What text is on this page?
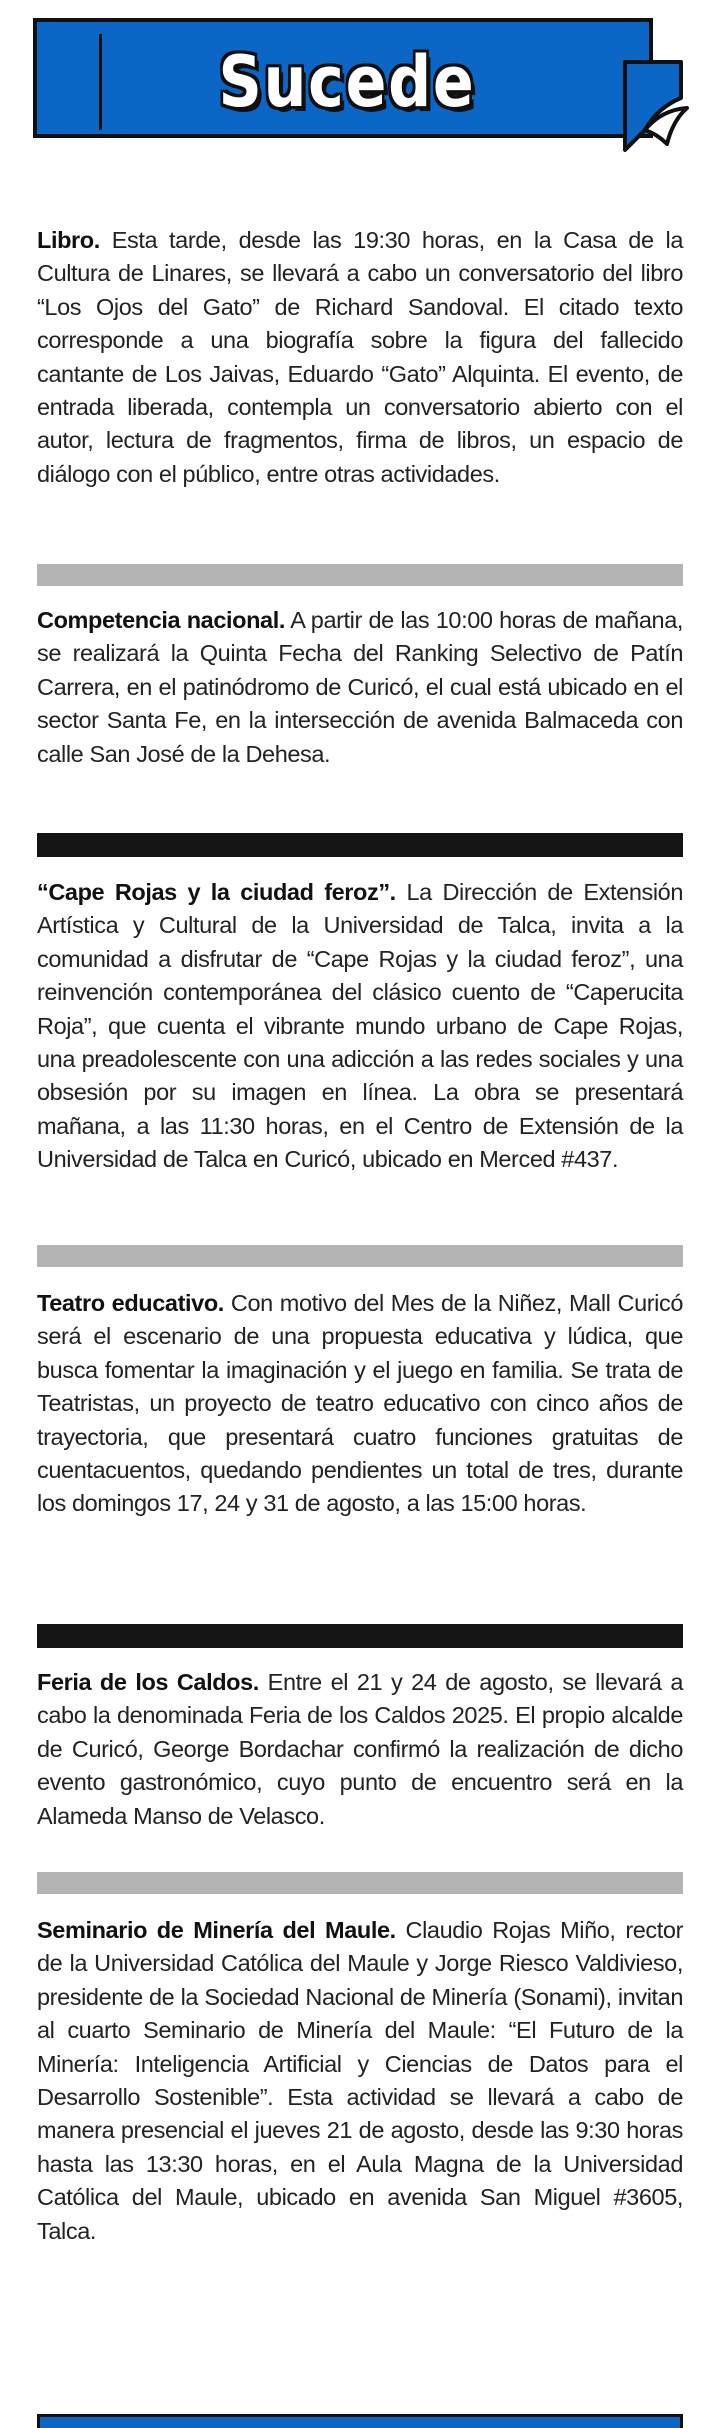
Sucede

Libro. Esta tarde, desde las 19:30 horas, en la Casa de la Cultura de Linares, se llevará a cabo un conversatorio del libro “Los Ojos del Gato” de Richard Sandoval. El citado texto corresponde a una biografía sobre la figura del fallecido cantante de Los Jaivas, Eduardo “Gato” Alquinta. El evento, de entrada liberada, contempla un conversatorio abierto con el autor, lectura de fragmentos, firma de libros, un espacio de diálogo con el público, entre otras actividades.

Competencia nacional. A partir de las 10:00 horas de mañana, se realizará la Quinta Fecha del Ranking Selectivo de Patín Carrera, en el patinódromo de Curicó, el cual está ubicado en el sector Santa Fe, en la intersección de avenida Balmaceda con calle San José de la Dehesa.

“Cape Rojas y la ciudad feroz”. La Dirección de Extensión Artística y Cultural de la Universidad de Talca, invita a la comunidad a disfrutar de “Cape Rojas y la ciudad feroz”, una reinvención contemporánea del clásico cuento de “Caperucita Roja”, que cuenta el vibrante mundo urbano de Cape Rojas, una preadolescente con una adicción a las redes sociales y una obsesión por su imagen en línea. La obra se presentará mañana, a las 11:30 horas, en el Centro de Extensión de la Universidad de Talca en Curicó, ubicado en Merced #437.

Teatro educativo. Con motivo del Mes de la Niñez, Mall Curicó será el escenario de una propuesta educativa y lúdica, que busca fomentar la imaginación y el juego en familia. Se trata de Teatristas, un proyecto de teatro educativo con cinco años de trayectoria, que presentará cuatro funciones gratuitas de cuentacuentos, quedando pendientes un total de tres, durante los domingos 17, 24 y 31 de agosto, a las 15:00 horas.

Feria de los Caldos. Entre el 21 y 24 de agosto, se llevará a cabo la denominada Feria de los Caldos 2025. El propio alcalde de Curicó, George Bordachar confirmó la realización de dicho evento gastronómico, cuyo punto de encuentro será en la Alameda Manso de Velasco.

Seminario de Minería del Maule. Claudio Rojas Miño, rector de la Universidad Católica del Maule y Jorge Riesco Valdivieso, presidente de la Sociedad Nacional de Minería (Sonami), invitan al cuarto Seminario de Minería del Maule: “El Futuro de la Minería: Inteligencia Artificial y Ciencias de Datos para el Desarrollo Sostenible”. Esta actividad se llevará a cabo de manera presencial el jueves 21 de agosto, desde las 9:30 horas hasta las 13:30 horas, en el Aula Magna de la Universidad Católica del Maule, ubicado en avenida San Miguel #3605, Talca.
